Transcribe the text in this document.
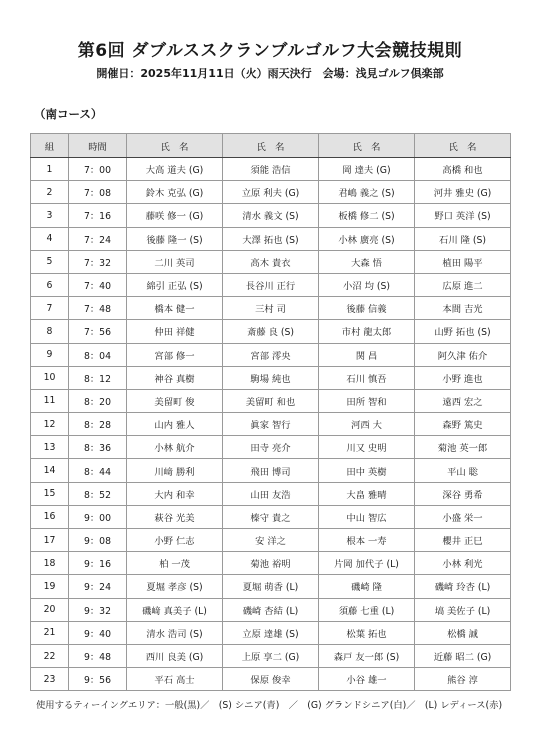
第6回 ダブルススクランブルゴルフ大会競技規則
開催日：2025年11月11日（火）雨天決行　会場：浅見ゴルフ倶楽部
（南コース）
組	時間	氏　名	氏　名	氏　名	氏　名
1	7：00	大高 道夫 (G)	須能 浩信	岡 達夫 (G)	高橋 和也
2	7：08	鈴木 克弘 (G)	立原 利夫 (G)	君嶋 義之 (S)	河井 雅史 (G)
3	7：16	藤咲 修一 (G)	清水 義文 (S)	板橋 修二 (S)	野口 英洋 (S)
4	7：24	後藤 隆一 (S)	大澤 拓也 (S)	小林 廣亮 (S)	石川 隆 (S)
5	7：32	二川 英司	高木 貴衣	大森 悟	植田 陽平
6	7：40	綿引 正弘 (S)	長谷川 正行	小沼 均 (S)	広原 進二
7	7：48	橋本 健一	三村 司	後藤 信義	本間 吉光
8	7：56	仲田 祥健	斎藤 良 (S)	市村 龍太郎	山野 拓也 (S)
9	8：04	宮部 修一	宮部 澪央	関 昌	阿久津 佑介
10	8：12	神谷 真樹	駒場 純也	石川 慎吾	小野 進也
11	8：20	美留町 俊	美留町 和也	田所 智和	遠西 宏之
12	8：28	山内 雅人	眞家 智行	河西 大	森野 篤史
13	8：36	小林 航介	田寺 亮介	川又 史明	菊池 英一郎
14	8：44	川﨑 勝利	飛田 博司	田中 英樹	平山 聡
15	8：52	大内 和幸	山田 友浩	大畠 雅晴	深谷 勇希
16	9：00	萩谷 光美	榛守 貴之	中山 智広	小盛 栄一
17	9：08	小野 仁志	安 洋之	根本 一寿	櫻井 正巳
18	9：16	柏 一茂	菊池 裕明	片岡 加代子 (L)	小林 利光
19	9：24	夏堀 孝彦 (S)	夏堀 萌香 (L)	磯崎 隆	磯崎 玲杏 (L)
20	9：32	磯﨑 真美子 (L)	磯崎 杏結 (L)	須藤 七重 (L)	塙 美佐子 (L)
21	9：40	清水 浩司 (S)	立原 達雄 (S)	松葉 拓也	松橋 誠
22	9：48	西川 良美 (G)	上原 享二 (G)	森戸 友一郎 (S)	近藤 昭二 (G)
23	9：56	平石 高士	保原 俊幸	小谷 雄一	熊谷 淳
使用するティーイングエリア：一般(黒)／　(S) シニア(青)　／　(G) グランドシニア(白)／　(L) レディース(赤)
